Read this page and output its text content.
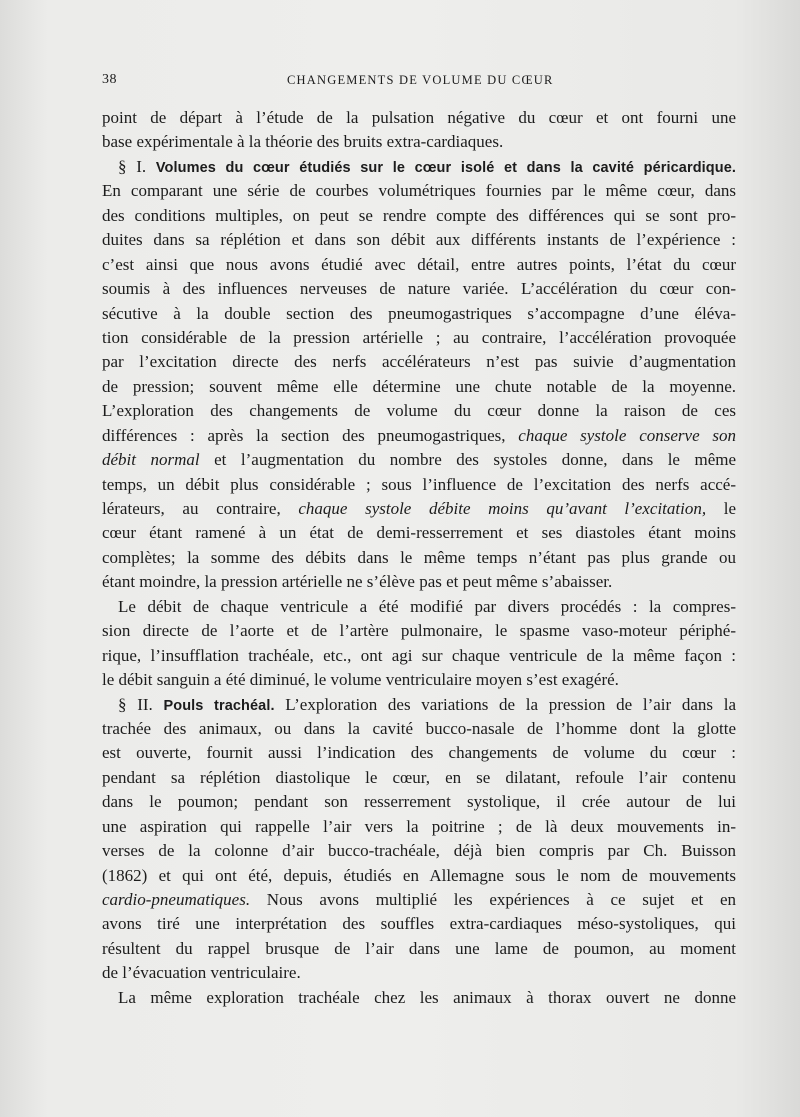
38	CHANGEMENTS DE VOLUME DU CŒUR
point de départ à l’étude de la pulsation négative du cœur et ont fourni une
base expérimentale à la théorie des bruits extra-cardiaques.
§ I. Volumes du cœur étudiés sur le cœur isolé et dans la cavité péricardique.
En comparant une série de courbes volumétriques fournies par le même cœur, dans
des conditions multiples, on peut se rendre compte des différences qui se sont pro-
duites dans sa réplétion et dans son débit aux différents instants de l’expérience :
c’est ainsi que nous avons étudié avec détail, entre autres points, l’état du cœur
soumis à des influences nerveuses de nature variée. L’accélération du cœur con-
sécutive à la double section des pneumogastriques s’accompagne d’une éléva-
tion considérable de la pression artérielle ; au contraire, l’accélération provoquée
par l’excitation directe des nerfs accélérateurs n’est pas suivie d’augmentation
de pression; souvent même elle détermine une chute notable de la moyenne.
L’exploration des changements de volume du cœur donne la raison de ces
différences : après la section des pneumogastriques, chaque systole conserve son
débit normal et l’augmentation du nombre des systoles donne, dans le même
temps, un débit plus considérable ; sous l’influence de l’excitation des nerfs accé-
lérateurs, au contraire, chaque systole débite moins qu’avant l’excitation, le
cœur étant ramené à un état de demi-resserrement et ses diastoles étant moins
complètes; la somme des débits dans le même temps n’étant pas plus grande ou
étant moindre, la pression artérielle ne s’élève pas et peut même s’abaisser.
Le débit de chaque ventricule a été modifié par divers procédés : la compres-
sion directe de l’aorte et de l’artère pulmonaire, le spasme vaso-moteur périphé-
rique, l’insufflation trachéale, etc., ont agi sur chaque ventricule de la même façon :
le débit sanguin a été diminué, le volume ventriculaire moyen s’est exagéré.
§ II. Pouls trachéal. L’exploration des variations de la pression de l’air dans la
trachée des animaux, ou dans la cavité bucco-nasale de l’homme dont la glotte
est ouverte, fournit aussi l’indication des changements de volume du cœur :
pendant sa réplétion diastolique le cœur, en se dilatant, refoule l’air contenu
dans le poumon; pendant son resserrement systolique, il crée autour de lui
une aspiration qui rappelle l’air vers la poitrine ; de là deux mouvements in-
verses de la colonne d’air bucco-trachéale, déjà bien compris par Ch. Buisson
(1862) et qui ont été, depuis, étudiés en Allemagne sous le nom de mouvements
cardio-pneumatiques. Nous avons multiplié les expériences à ce sujet et en
avons tiré une interprétation des souffles extra-cardiaques méso-systoliques, qui
résultent du rappel brusque de l’air dans une lame de poumon, au moment
de l’évacuation ventriculaire.
La même exploration trachéale chez les animaux à thorax ouvert ne donne
